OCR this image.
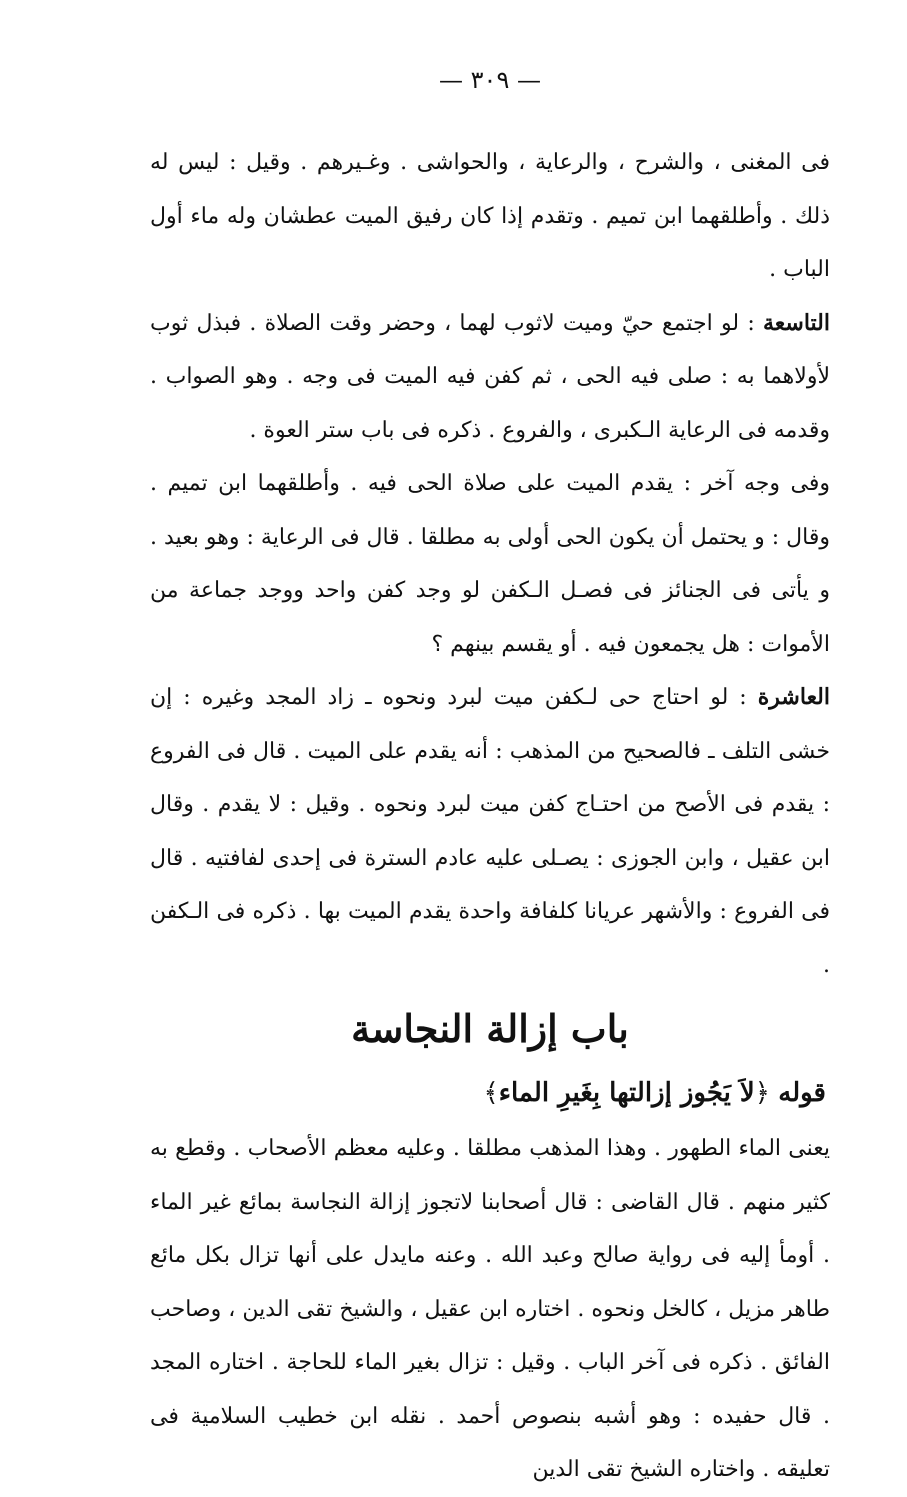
— ٣٠٩ —

فى المغنى ، والشرح ، والرعاية ، والحواشى . وغـيرهم . وقيل : ليس له ذلك . وأطلقهما ابن تميم . وتقدم إذا كان رفيق الميت عطشان وله ماء أول الباب .

التاسعة : لو اجتمع حيّ وميت لاثوب لهما ، وحضر وقت الصلاة . فبذل ثوب لأولاهما به : صلى فيه الحى ، ثم كفن فيه الميت فى وجه . وهو الصواب . وقدمه فى الرعاية الـكبرى ، والفروع . ذكره فى باب ستر العوة .

وفى وجه آخر : يقدم الميت على صلاة الحى فيه . وأطلقهما ابن تميم . وقال : و يحتمل أن يكون الحى أولى به مطلقا . قال فى الرعاية : وهو بعيد . و يأتى فى الجنائز فى فصـل الـكفن لو وجد كفن واحد ووجد جماعة من الأموات : هل يجمعون فيه . أو يقسم بينهم ؟

العاشرة : لو احتاج حى لـكفن ميت لبرد ونحوه ـ زاد المجد وغيره : إن خشى التلف ـ فالصحيح من المذهب : أنه يقدم على الميت . قال فى الفروع : يقدم فى الأصح من احتـاج كفن ميت لبرد ونحوه . وقيل : لا يقدم . وقال ابن عقيل ، وابن الجوزى : يصـلى عليه عادم السترة فى إحدى لفافتيه . قال فى الفروع : والأشهر عريانا كلفافة واحدة يقدم الميت بها . ذكره فى الـكفن .

باب إزالة النجاسة

قوله ﴿لاَ يَجُوز إزالتها بِغَيرِ الماء﴾

يعنى الماء الطهور . وهذا المذهب مطلقا . وعليه معظم الأصحاب . وقطع به كثير منهم . قال القاضى : قال أصحابنا لاتجوز إزالة النجاسة بمائع غير الماء . أومأ إليه فى رواية صالح وعبد الله . وعنه مايدل على أنها تزال بكل مائع طاهر مزيل ، كالخل ونحوه . اختاره ابن عقيل ، والشيخ تقى الدين ، وصاحب الفائق . ذكره فى آخر الباب . وقيل : تزال بغير الماء للحاجة . اختاره المجد . قال حفيده : وهو أشبه بنصوص أحمد . نقله ابن خطيب السلامية فى تعليقه . واختاره الشيخ تقى الدين
